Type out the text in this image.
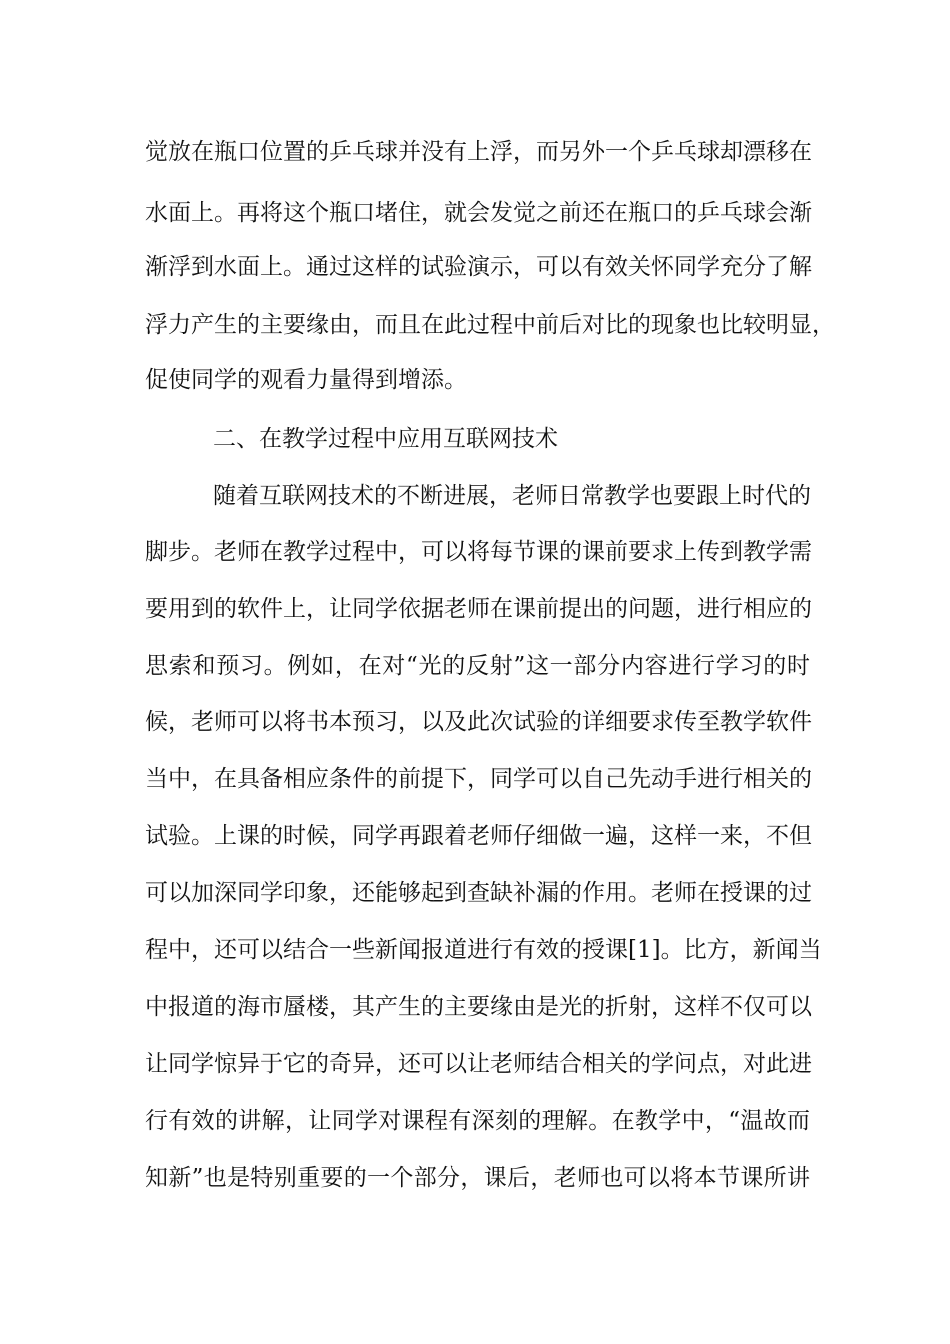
觉放在瓶口位置的乒乓球并没有上浮，而另外一个乒乓球却漂移在
水面上。再将这个瓶口堵住，就会发觉之前还在瓶口的乒乓球会渐
渐浮到水面上。通过这样的试验演示，可以有效关怀同学充分了解
浮力产生的主要缘由，而且在此过程中前后对比的现象也比较明显，
促使同学的观看力量得到增添。
二、在教学过程中应用互联网技术
随着互联网技术的不断进展，老师日常教学也要跟上时代的
脚步。老师在教学过程中，可以将每节课的课前要求上传到教学需
要用到的软件上，让同学依据老师在课前提出的问题，进行相应的
思索和预习。例如，在对“光的反射”这一部分内容进行学习的时
候，老师可以将书本预习，以及此次试验的详细要求传至教学软件
当中，在具备相应条件的前提下，同学可以自己先动手进行相关的
试验。上课的时候，同学再跟着老师仔细做一遍，这样一来，不但
可以加深同学印象，还能够起到查缺补漏的作用。老师在授课的过
程中，还可以结合一些新闻报道进行有效的授课[1]。比方，新闻当
中报道的海市蜃楼，其产生的主要缘由是光的折射，这样不仅可以
让同学惊异于它的奇异，还可以让老师结合相关的学问点，对此进
行有效的讲解，让同学对课程有深刻的理解。在教学中，“温故而
知新”也是特别重要的一个部分，课后，老师也可以将本节课所讲
